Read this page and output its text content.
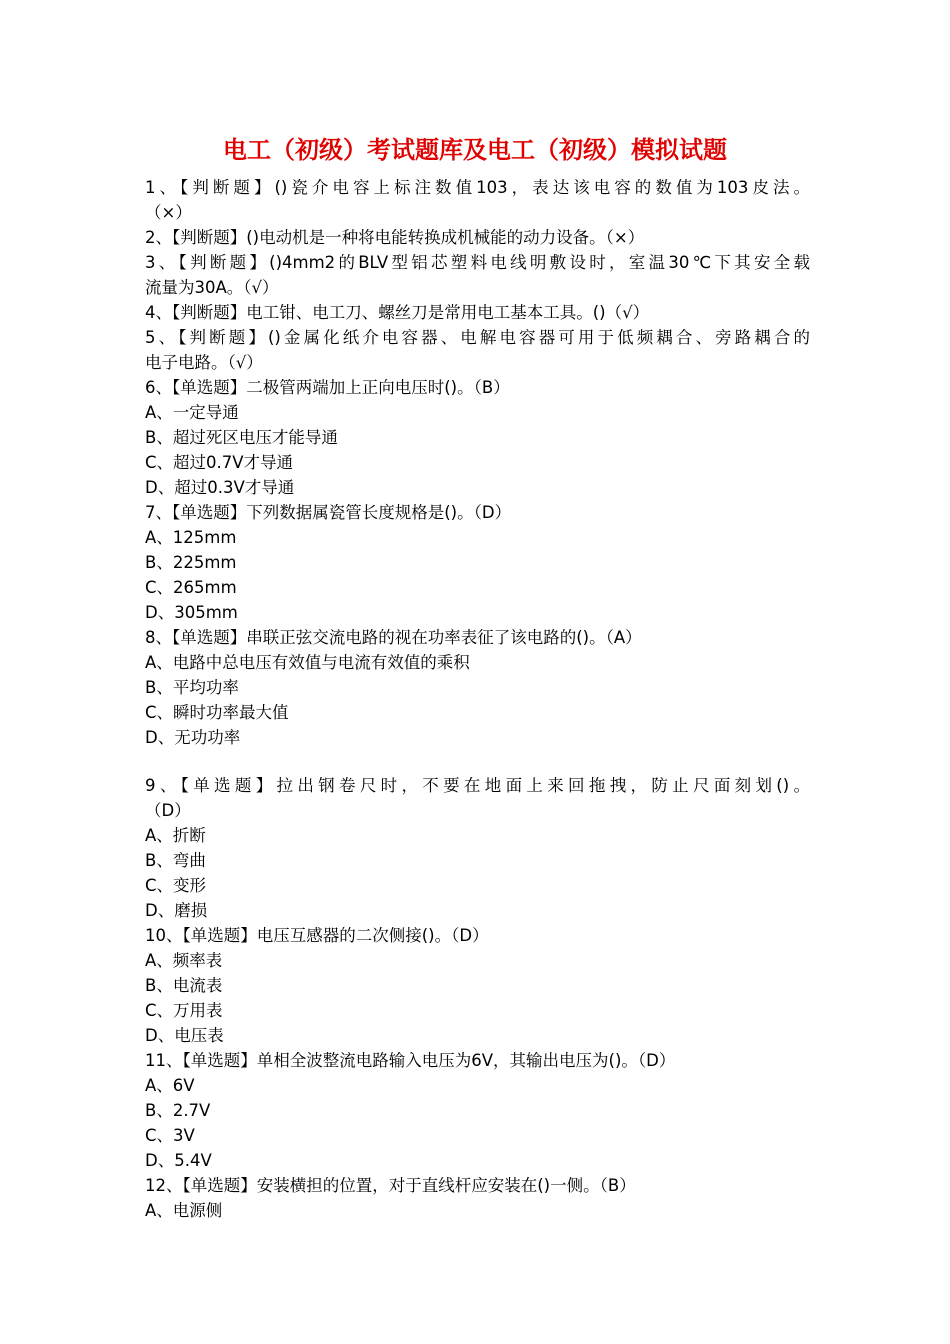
电工（初级）考试题库及电工（初级）模拟试题
1、【判断题】()瓷介电容上标注数值103，表达该电容的数值为103皮法。
（×）
2、【判断题】()电动机是一种将电能转换成机械能的动力设备。（×）
3、【判断题】()4mm2的BLV型铝芯塑料电线明敷设时，室温30℃下其安全载
流量为30A。（√）
4、【判断题】电工钳、电工刀、螺丝刀是常用电工基本工具。()（√）
5、【判断题】()金属化纸介电容器、电解电容器可用于低频耦合、旁路耦合的
电子电路。（√）
6、【单选题】二极管两端加上正向电压时()。（B）
A、一定导通
B、超过死区电压才能导通
C、超过0.7V才导通
D、超过0.3V才导通
7、【单选题】下列数据属瓷管长度规格是()。（D）
A、125mm
B、225mm
C、265mm
D、305mm
8、【单选题】串联正弦交流电路的视在功率表征了该电路的()。（A）
A、电路中总电压有效值与电流有效值的乘积
B、平均功率
C、瞬时功率最大值
D、无功功率
9、【单选题】拉出钢卷尺时，不要在地面上来回拖拽，防止尺面刻划()。
（D）
A、折断
B、弯曲
C、变形
D、磨损
10、【单选题】电压互感器的二次侧接()。（D）
A、频率表
B、电流表
C、万用表
D、电压表
11、【单选题】单相全波整流电路输入电压为6V，其输出电压为()。（D）
A、6V
B、2.7V
C、3V
D、5.4V
12、【单选题】安装横担的位置，对于直线杆应安装在()一侧。（B）
A、电源侧
